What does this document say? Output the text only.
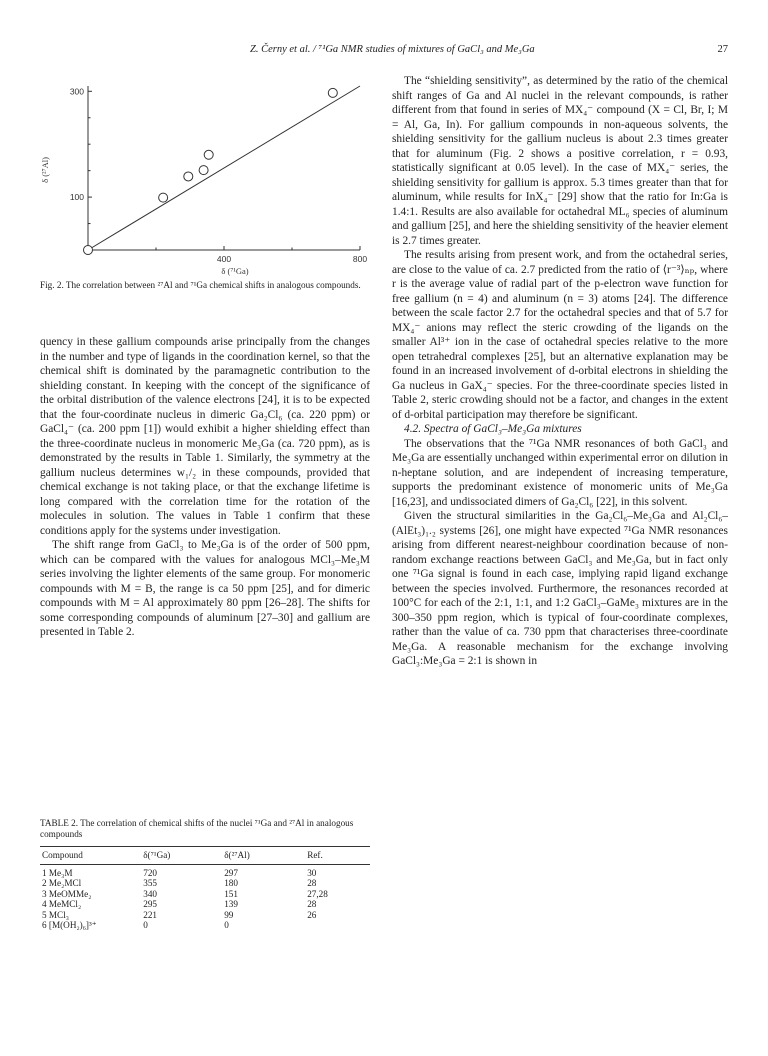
Z. Černy et al. / ⁷¹Ga NMR studies of mixtures of GaCl₃ and Me₃Ga	27
300
100
400	800
δ (²⁷Al)
δ (⁷¹Ga)
Fig. 2. The correlation between ²⁷Al and ⁷¹Ga chemical shifts in analogous compounds.

quency in these gallium compounds arise principally from the changes in the number and type of ligands in the coordination kernel, so that the chemical shift is dominated by the paramagnetic contribution to the shielding constant. In keeping with the concept of the significance of the orbital distribution of the valence electrons [24], it is to be expected that the four-coordinate nucleus in dimeric Ga₂Cl₆ (ca. 220 ppm) or GaCl₄⁻ (ca. 200 ppm [1]) would exhibit a higher shielding effect than the three-coordinate nucleus in monomeric Me₃Ga (ca. 720 ppm), as is demonstrated by the results in Table 1. Similarly, the symmetry at the gallium nucleus determines w₁/₂ in these compounds, provided that chemical exchange is not taking place, or that the exchange lifetime is long compared with the correlation time for the rotation of the molecules in solution. The values in Table 1 confirm that these conditions apply for the systems under investigation.

The shift range from GaCl₃ to Me₃Ga is of the order of 500 ppm, which can be compared with the values for analogous MCl₃–Me₃M series involving the lighter elements of the same group. For monomeric compounds with M = B, the range is ca 50 ppm [25], and for dimeric compounds with M = Al approximately 80 ppm [26–28]. The shifts for some corresponding compounds of aluminum [27–30] and gallium are presented in Table 2.

TABLE 2. The correlation of chemical shifts of the nuclei ⁷¹Ga and ²⁷Al in analogous compounds
Compound	δ(⁷¹Ga)	δ(²⁷Al)	Ref.
1 Me₃M	720	297	30
2 Me₂MCl	355	180	28
3 MeOMMe₂	340	151	27,28
4 MeMCl₂	295	139	28
5 MCl₃	221	99	26
6 [M(OH₂)₆]³⁺	0	0	

The “shielding sensitivity”, as determined by the ratio of the chemical shift ranges of Ga and Al nuclei in the relevant compounds, is rather different from that found in series of MX₄⁻ compound (X = Cl, Br, I; M = Al, Ga, In). For gallium compounds in non-aqueous solvents, the shielding sensitivity for the gallium nucleus is about 2.3 times greater that for aluminum (Fig. 2 shows a positive correlation, r = 0.93, statistically significant at 0.05 level). In the case of MX₄⁻ series, the shielding sensitivity for gallium is approx. 5.3 times greater than that for aluminum, while results for InX₄⁻ [29] show that the ratio for In:Ga is 1.4:1. Results are also available for octahedral ML₆ species of aluminum and gallium [25], and here the shielding sensitivity of the heavier element is 2.7 times greater.

The results arising from present work, and from the octahedral series, are close to the value of ca. 2.7 predicted from the ratio of ⟨r⁻³⟩ₙₚ, where r is the average value of radial part of the p-electron wave function for free gallium (n = 4) and aluminum (n = 3) atoms [24]. The difference between the scale factor 2.7 for the octahedral species and that of 5.7 for MX₄⁻ anions may reflect the steric crowding of the ligands on the smaller Al³⁺ ion in the case of octahedral species relative to the more open tetrahedral complexes [25], but an alternative explanation may be found in an increased involvement of d-orbital electrons in shielding the Ga nucleus in GaX₄⁻ species. For the three-coordinate species listed in Table 2, steric crowding should not be a factor, and changes in the extent of d-orbital participation may therefore be significant.

4.2. Spectra of GaCl₃–Me₃Ga mixtures

The observations that the ⁷¹Ga NMR resonances of both GaCl₃ and Me₃Ga are essentially unchanged within experimental error on dilution in n-heptane solution, and are independent of increasing temperature, supports the predominant existence of monomeric units of Me₃Ga [16,23], and undissociated dimers of Ga₂Cl₆ [22], in this solvent.

Given the structural similarities in the Ga₂Cl₆–Me₃Ga and Al₂Cl₆–(AlEt₃)₁.₂ systems [26], one might have expected ⁷¹Ga NMR resonances arising from different nearest-neighbour coordination because of non-random exchange reactions between GaCl₃ and Me₃Ga, but in fact only one ⁷¹Ga signal is found in each case, implying rapid ligand exchange between the species involved. Furthermore, the resonances recorded at 100°C for each of the 2:1, 1:1, and 1:2 GaCl₃–GaMe₃ mixtures are in the 300–350 ppm region, which is typical of four-coordinate complexes, rather than the value of ca. 730 ppm that characterises three-coordinate Me₃Ga. A reasonable mechanism for the exchange involving GaCl₃:Me₃Ga = 2:1 is shown in
